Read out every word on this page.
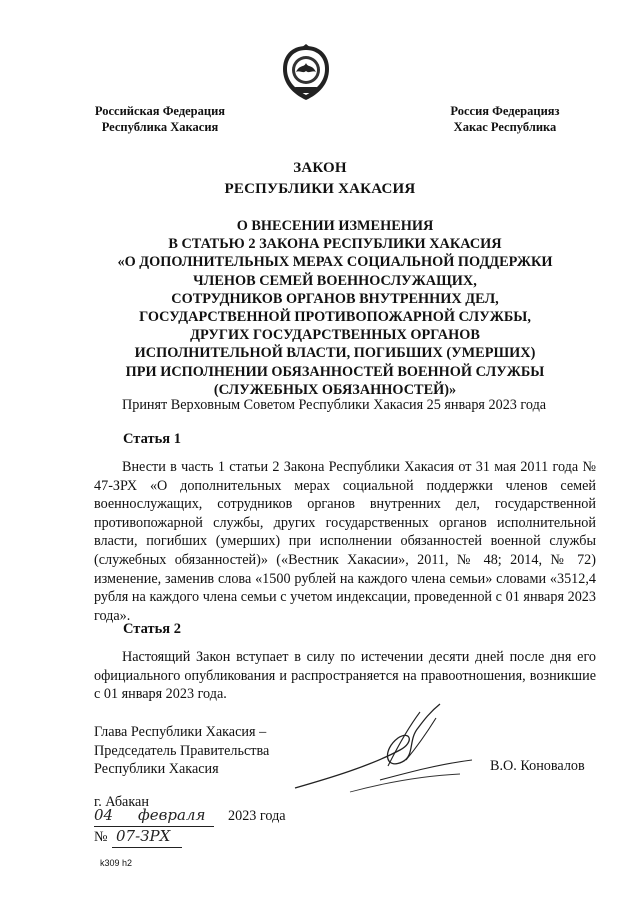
Российская Федерация
Республика Хакасия
Россия Федерацияз
Хакас Республика
ЗАКОН
РЕСПУБЛИКИ ХАКАСИЯ
О ВНЕСЕНИИ ИЗМЕНЕНИЯ
В СТАТЬЮ 2 ЗАКОНА РЕСПУБЛИКИ ХАКАСИЯ
«О ДОПОЛНИТЕЛЬНЫХ МЕРАХ СОЦИАЛЬНОЙ ПОДДЕРЖКИ
ЧЛЕНОВ СЕМЕЙ ВОЕННОСЛУЖАЩИХ,
СОТРУДНИКОВ ОРГАНОВ ВНУТРЕННИХ ДЕЛ,
ГОСУДАРСТВЕННОЙ ПРОТИВОПОЖАРНОЙ СЛУЖБЫ,
ДРУГИХ ГОСУДАРСТВЕННЫХ ОРГАНОВ
ИСПОЛНИТЕЛЬНОЙ ВЛАСТИ, ПОГИБШИХ (УМЕРШИХ)
ПРИ ИСПОЛНЕНИИ ОБЯЗАННОСТЕЙ ВОЕННОЙ СЛУЖБЫ
(СЛУЖЕБНЫХ ОБЯЗАННОСТЕЙ)»
Принят Верховным Советом Республики Хакасия 25 января 2023 года
Статья 1
Внести в часть 1 статьи 2 Закона Республики Хакасия от 31 мая 2011 года № 47-ЗРХ «О дополнительных мерах социальной поддержки членов семей военнослужащих, сотрудников органов внутренних дел, государственной противопожарной службы, других государственных органов исполнительной власти, погибших (умерших) при исполнении обязанностей военной службы (служебных обязанностей)» («Вестник Хакасии», 2011, № 48; 2014, № 72) изменение, заменив слова «1500 рублей на каждого члена семьи» словами «3512,4 рубля на каждого члена семьи с учетом индексации, проведенной с 01 января 2023 года».
Статья 2
Настоящий Закон вступает в силу по истечении десяти дней после дня его официального опубликования и распространяется на правоотношения, возникшие с 01 января 2023 года.
Глава Республики Хакасия –
Председатель Правительства
Республики Хакасия	В.О. Коновалов
г. Абакан
04 февраля 2023 года
№ 07-ЗРХ
k309 h2
